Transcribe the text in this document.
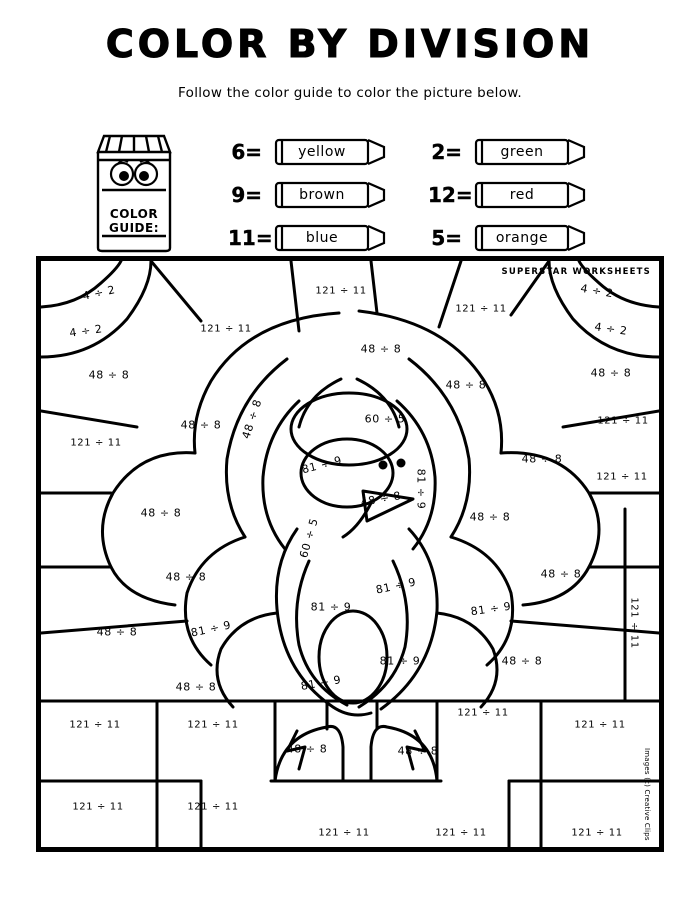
COLOR BY DIVISION
Follow the color guide to color the picture below.
COLOR
GUIDE:
6=	yellow	2=	green
9=	brown	12=	red
11=	blue	5=	orange
SUPERSTAR WORKSHEETS
Images (c) Creative Clips
4 ÷ 2	121 ÷ 11
121 ÷ 11
4 ÷ 2
4 ÷ 2	121 ÷ 11	4 ÷ 2
48 ÷ 8
48 ÷ 8
48 ÷ 8
48 ÷ 8
48 ÷ 8 48 ÷ 8	60 ÷ 5	121 ÷ 11
121 ÷ 11
81 ÷ 9	48 ÷ 8
81 ÷ 9
48 ÷ 8
121 ÷ 11
48 ÷ 8	48 ÷ 8
60 ÷ 5
48 ÷ 8	81 ÷ 9
48 ÷ 8
81 ÷ 9	81 ÷ 9
48 ÷ 8	81 ÷ 9	121 ÷ 11
48 ÷ 8
81 ÷ 9
81 ÷ 9
48 ÷ 8
121 ÷ 11
121 ÷ 11	121 ÷ 11
48 ÷ 8	48 ÷ 8
121 ÷ 11
121 ÷ 11	121 ÷ 11
121 ÷ 11	121 ÷ 11	121 ÷ 11
